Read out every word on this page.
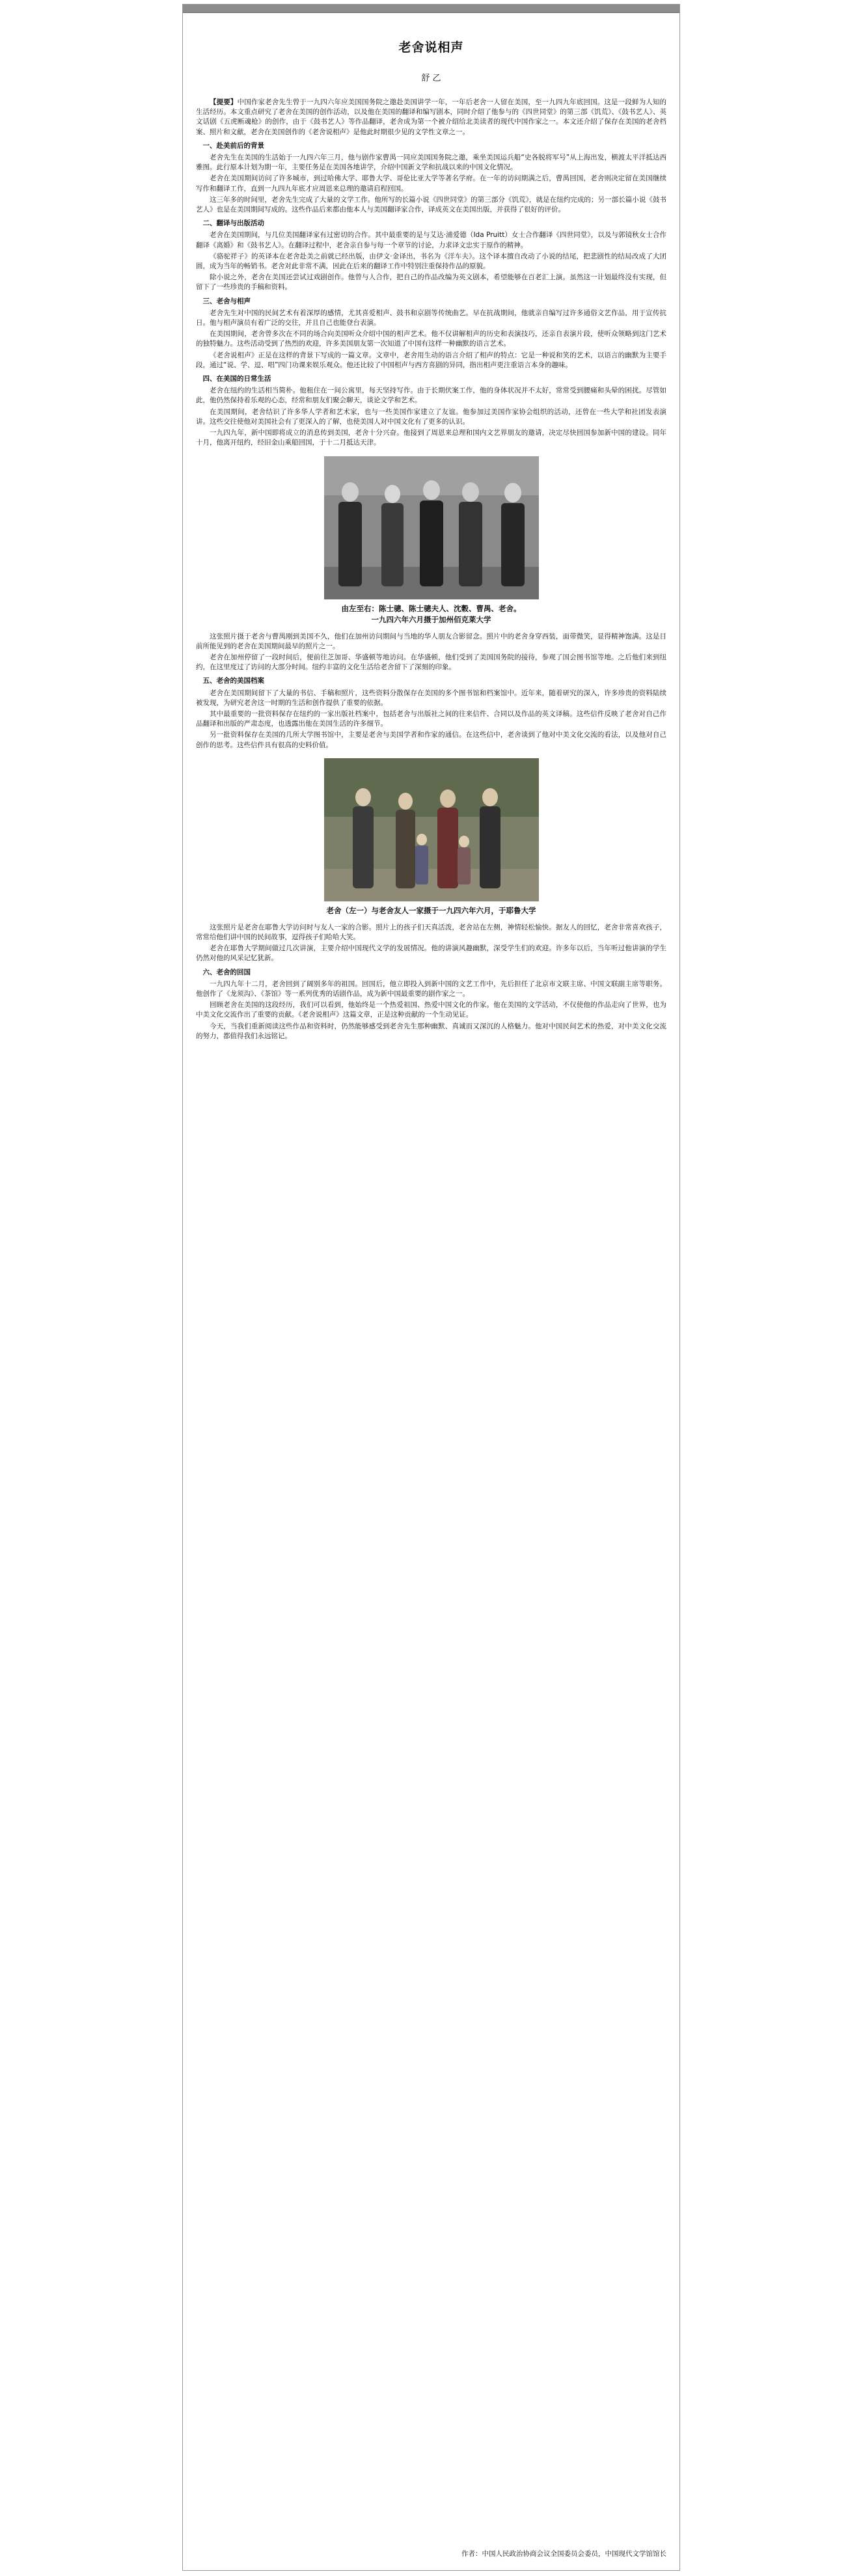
老舍说相声
舒 乙

【提要】中国作家老舍先生曾于一九四六年应美国国务院之邀赴美国讲学一年，一年后老舍一人留在美国，至一九四九年底回国。这是一段鲜为人知的生活经历。本文重点研究了老舍在美国的创作活动，以及他在美国的翻译和编写剧本，同时介绍了他参与的《四世同堂》的第三部《饥荒》、《鼓书艺人》、英文话剧《五虎断魂枪》的创作，由于《鼓书艺人》等作品翻译，老舍成为第一个被介绍给北美读者的现代中国作家之一。本文还介绍了保存在美国的老舍档案、照片和文献，老舍在美国创作的《老舍说相声》是他此时期很少见的文学性文章之一。

一、赴美前后的背景

老舍先生在美国的生活始于一九四六年三月，他与剧作家曹禺一同应美国国务院之邀，乘坐美国运兵船“史各脱将军号”从上海出发，横渡太平洋抵达西雅图。此行原本计划为期一年，主要任务是在美国各地讲学，介绍中国新文学和抗战以来的中国文化情况。

老舍在美国期间访问了许多城市，到过哈佛大学、耶鲁大学、哥伦比亚大学等著名学府。在一年的访问期满之后，曹禺回国，老舍则决定留在美国继续写作和翻译工作，直到一九四九年底才应周恩来总理的邀请启程回国。

这三年多的时间里，老舍先生完成了大量的文学工作。他所写的长篇小说《四世同堂》的第三部分《饥荒》，就是在纽约完成的；另一部长篇小说《鼓书艺人》也是在美国期间写成的。这些作品后来都由他本人与美国翻译家合作，译成英文在美国出版，并获得了很好的评价。

二、翻译与出版活动

老舍在美国期间，与几位美国翻译家有过密切的合作。其中最重要的是与艾达·浦爱德（Ida Pruitt）女士合作翻译《四世同堂》，以及与郭镜秋女士合作翻译《离婚》和《鼓书艺人》。在翻译过程中，老舍亲自参与每一个章节的讨论，力求译文忠实于原作的精神。

《骆驼祥子》的英译本在老舍赴美之前就已经出版，由伊文·金译出，书名为《洋车夫》。这个译本擅自改动了小说的结尾，把悲剧性的结局改成了大团圆，成为当年的畅销书。老舍对此非常不满，因此在后来的翻译工作中特别注重保持作品的原貌。

除小说之外，老舍在美国还尝试过戏剧创作。他曾与人合作，把自己的作品改编为英文剧本，希望能够在百老汇上演。虽然这一计划最终没有实现，但留下了一些珍贵的手稿和资料。

三、老舍与相声

老舍先生对中国的民间艺术有着深厚的感情，尤其喜爱相声、鼓书和京剧等传统曲艺。早在抗战期间，他就亲自编写过许多通俗文艺作品，用于宣传抗日。他与相声演员有着广泛的交往，并且自己也能登台表演。

在美国期间，老舍曾多次在不同的场合向美国听众介绍中国的相声艺术。他不仅讲解相声的历史和表演技巧，还亲自表演片段，使听众领略到这门艺术的独特魅力。这些活动受到了热烈的欢迎，许多美国朋友第一次知道了中国有这样一种幽默的语言艺术。

《老舍说相声》正是在这样的背景下写成的一篇文章。文章中，老舍用生动的语言介绍了相声的特点：它是一种说和笑的艺术，以语言的幽默为主要手段，通过“说、学、逗、唱”四门功课来娱乐观众。他还比较了中国相声与西方喜剧的异同，指出相声更注重语言本身的趣味。

四、在美国的日常生活

老舍在纽约的生活相当简朴。他租住在一间公寓里，每天坚持写作。由于长期伏案工作，他的身体状况并不太好，常常受到腰痛和头晕的困扰。尽管如此，他仍然保持着乐观的心态，经常和朋友们聚会聊天，谈论文学和艺术。

在美国期间，老舍结识了许多华人学者和艺术家，也与一些美国作家建立了友谊。他参加过美国作家协会组织的活动，还曾在一些大学和社团发表演讲。这些交往使他对美国社会有了更深入的了解，也使美国人对中国文化有了更多的认识。

一九四九年，新中国即将成立的消息传到美国，老舍十分兴奋。他接到了周恩来总理和国内文艺界朋友的邀请，决定尽快回国参加新中国的建设。同年十月，他离开纽约，经旧金山乘船回国，于十二月抵达天津。

由左至右：陈士骢、陈士骢夫人、沈穀、曹禺、老舍。
一九四六年六月摄于加州佰克莱大学

这张照片摄于老舍与曹禺刚到美国不久，他们在加州访问期间与当地的华人朋友合影留念。照片中的老舍身穿西装，面带微笑，显得精神饱满。这是目前所能见到的老舍在美国期间最早的照片之一。

老舍在加州停留了一段时间后，便前往芝加哥、华盛顿等地访问。在华盛顿，他们受到了美国国务院的接待，参观了国会图书馆等地。之后他们来到纽约，在这里度过了访问的大部分时间。纽约丰富的文化生活给老舍留下了深刻的印象。

五、老舍的美国档案

老舍在美国期间留下了大量的书信、手稿和照片，这些资料分散保存在美国的多个图书馆和档案馆中。近年来，随着研究的深入，许多珍贵的资料陆续被发现，为研究老舍这一时期的生活和创作提供了重要的依据。

其中最重要的一批资料保存在纽约的一家出版社档案中，包括老舍与出版社之间的往来信件、合同以及作品的英文译稿。这些信件反映了老舍对自己作品翻译和出版的严肃态度，也透露出他在美国生活的许多细节。

另一批资料保存在美国的几所大学图书馆中，主要是老舍与美国学者和作家的通信。在这些信中，老舍谈到了他对中美文化交流的看法，以及他对自己创作的思考。这些信件具有很高的史料价值。

老舍（左一）与老舍友人一家摄于一九四六年六月，于耶鲁大学

这张照片是老舍在耶鲁大学访问时与友人一家的合影。照片上的孩子们天真活泼，老舍站在左侧，神情轻松愉快。据友人的回忆，老舍非常喜欢孩子，常常给他们讲中国的民间故事，逗得孩子们哈哈大笑。

老舍在耶鲁大学期间做过几次讲演，主要介绍中国现代文学的发展情况。他的讲演风趣幽默，深受学生们的欢迎。许多年以后，当年听过他讲演的学生仍然对他的风采记忆犹新。

六、老舍的回国

一九四九年十二月，老舍回到了阔别多年的祖国。回国后，他立即投入到新中国的文艺工作中，先后担任了北京市文联主席、中国文联副主席等职务。他创作了《龙须沟》、《茶馆》等一系列优秀的话剧作品，成为新中国最重要的剧作家之一。

回顾老舍在美国的这段经历，我们可以看到，他始终是一个热爱祖国、热爱中国文化的作家。他在美国的文学活动，不仅使他的作品走向了世界，也为中美文化交流作出了重要的贡献。《老舍说相声》这篇文章，正是这种贡献的一个生动见证。

今天，当我们重新阅读这些作品和资料时，仍然能够感受到老舍先生那种幽默、真诚而又深沉的人格魅力。他对中国民间艺术的热爱，对中美文化交流的努力，都值得我们永远铭记。

作者：中国人民政治协商会议全国委员会委员，中国现代文学馆馆长
